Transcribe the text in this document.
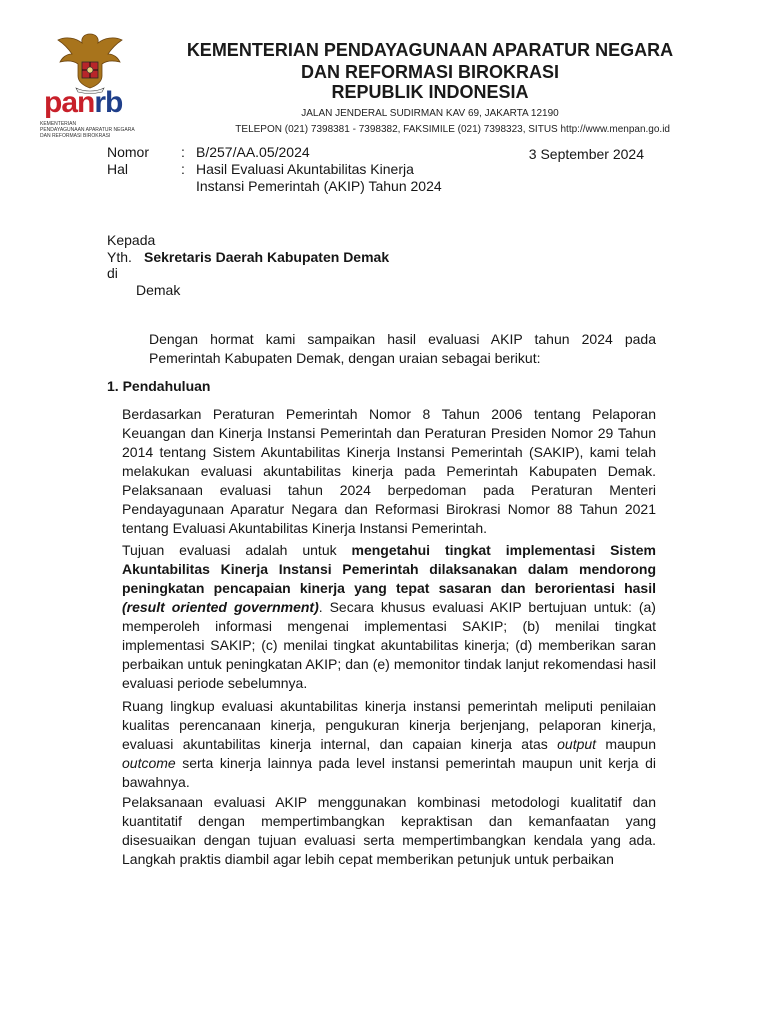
panrb
KEMENTERIAN
PENDAYAGUNAAN APARATUR NEGARA
DAN REFORMASI BIROKRASI
KEMENTERIAN PENDAYAGUNAAN APARATUR NEGARA
DAN REFORMASI BIROKRASI
REPUBLIK INDONESIA
JALAN JENDERAL SUDIRMAN KAV 69, JAKARTA 12190
TELEPON (021) 7398381 - 7398382, FAKSIMILE (021) 7398323, SITUS http://www.menpan.go.id
Nomor : B/257/AA.05/2024	3 September 2024
Hal	: Hasil Evaluasi Akuntabilitas Kinerja
Instansi Pemerintah (AKIP) Tahun 2024
Kepada
Yth. Sekretaris Daerah Kabupaten Demak
di
Demak
Dengan hormat kami sampaikan hasil evaluasi AKIP tahun 2024 pada Pemerintah Kabupaten Demak, dengan uraian sebagai berikut:
1. Pendahuluan
Berdasarkan Peraturan Pemerintah Nomor 8 Tahun 2006 tentang Pelaporan Keuangan dan Kinerja Instansi Pemerintah dan Peraturan Presiden Nomor 29 Tahun 2014 tentang Sistem Akuntabilitas Kinerja Instansi Pemerintah (SAKIP), kami telah melakukan evaluasi akuntabilitas kinerja pada Pemerintah Kabupaten Demak. Pelaksanaan evaluasi tahun 2024 berpedoman pada Peraturan Menteri Pendayagunaan Aparatur Negara dan Reformasi Birokrasi Nomor 88 Tahun 2021 tentang Evaluasi Akuntabilitas Kinerja Instansi Pemerintah.
Tujuan evaluasi adalah untuk mengetahui tingkat implementasi Sistem Akuntabilitas Kinerja Instansi Pemerintah dilaksanakan dalam mendorong peningkatan pencapaian kinerja yang tepat sasaran dan berorientasi hasil (result oriented government). Secara khusus evaluasi AKIP bertujuan untuk: (a) memperoleh informasi mengenai implementasi SAKIP; (b) menilai tingkat implementasi SAKIP; (c) menilai tingkat akuntabilitas kinerja; (d) memberikan saran perbaikan untuk peningkatan AKIP; dan (e) memonitor tindak lanjut rekomendasi hasil evaluasi periode sebelumnya.
Ruang lingkup evaluasi akuntabilitas kinerja instansi pemerintah meliputi penilaian kualitas perencanaan kinerja, pengukuran kinerja berjenjang, pelaporan kinerja, evaluasi akuntabilitas kinerja internal, dan capaian kinerja atas output maupun outcome serta kinerja lainnya pada level instansi pemerintah maupun unit kerja di bawahnya.
Pelaksanaan evaluasi AKIP menggunakan kombinasi metodologi kualitatif dan kuantitatif dengan mempertimbangkan kepraktisan dan kemanfaatan yang disesuaikan dengan tujuan evaluasi serta mempertimbangkan kendala yang ada. Langkah praktis diambil agar lebih cepat memberikan petunjuk untuk perbaikan
